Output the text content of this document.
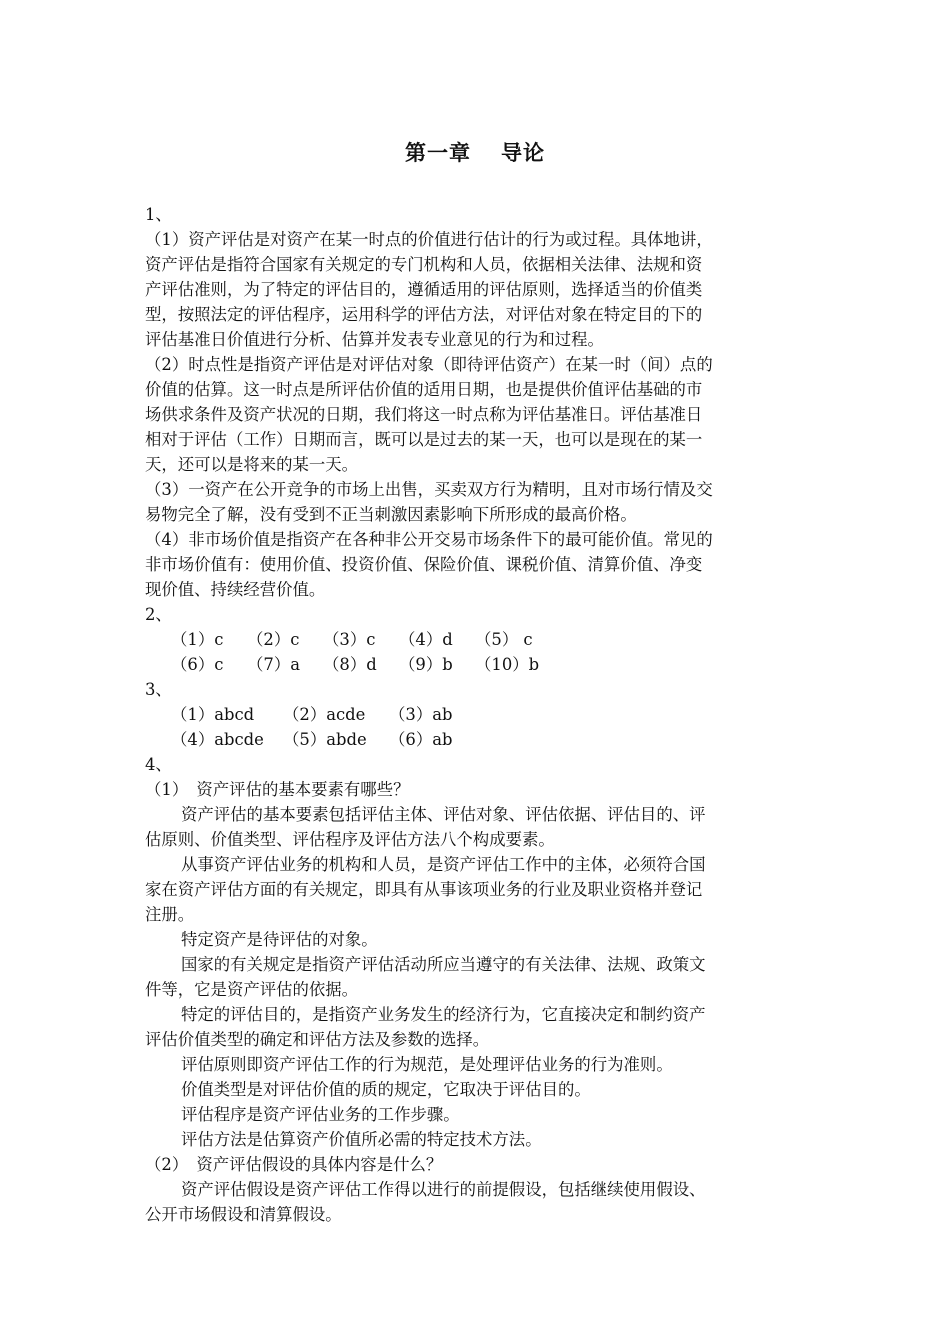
第一章 导论
1、
（1）资产评估是对资产在某一时点的价值进行估计的行为或过程。具体地讲，
资产评估是指符合国家有关规定的专门机构和人员，依据相关法律、法规和资
产评估准则，为了特定的评估目的，遵循适用的评估原则，选择适当的价值类
型，按照法定的评估程序，运用科学的评估方法，对评估对象在特定目的下的
评估基准日价值进行分析、估算并发表专业意见的行为和过程。
（2）时点性是指资产评估是对评估对象（即待评估资产）在某一时（间）点的
价值的估算。这一时点是所评估价值的适用日期，也是提供价值评估基础的市
场供求条件及资产状况的日期，我们将这一时点称为评估基准日。评估基准日
相对于评估（工作）日期而言，既可以是过去的某一天，也可以是现在的某一
天，还可以是将来的某一天。
（3）一资产在公开竞争的市场上出售，买卖双方行为精明，且对市场行情及交
易物完全了解，没有受到不正当刺激因素影响下所形成的最高价格。
（4）非市场价值是指资产在各种非公开交易市场条件下的最可能价值。常见的
非市场价值有：使用价值、投资价值、保险价值、课税价值、清算价值、净变
现价值、持续经营价值。
2、
（1）c （2）c （3）c （4）d （5） c
（6）c （7）a （8）d （9）b （10）b
3、
（1）abcd （2）acde （3）ab
（4）abcde （5）abde （6）ab
4、
（1）　资产评估的基本要素有哪些？
资产评估的基本要素包括评估主体、评估对象、评估依据、评估目的、评
估原则、价值类型、评估程序及评估方法八个构成要素。
从事资产评估业务的机构和人员，是资产评估工作中的主体，必须符合国
家在资产评估方面的有关规定，即具有从事该项业务的行业及职业资格并登记
注册。
特定资产是待评估的对象。
国家的有关规定是指资产评估活动所应当遵守的有关法律、法规、政策文
件等，它是资产评估的依据。
特定的评估目的，是指资产业务发生的经济行为，它直接决定和制约资产
评估价值类型的确定和评估方法及参数的选择。
评估原则即资产评估工作的行为规范，是处理评估业务的行为准则。
价值类型是对评估价值的质的规定，它取决于评估目的。
评估程序是资产评估业务的工作步骤。
评估方法是估算资产价值所必需的特定技术方法。
（2）　资产评估假设的具体内容是什么？
资产评估假设是资产评估工作得以进行的前提假设，包括继续使用假设、
公开市场假设和清算假设。
